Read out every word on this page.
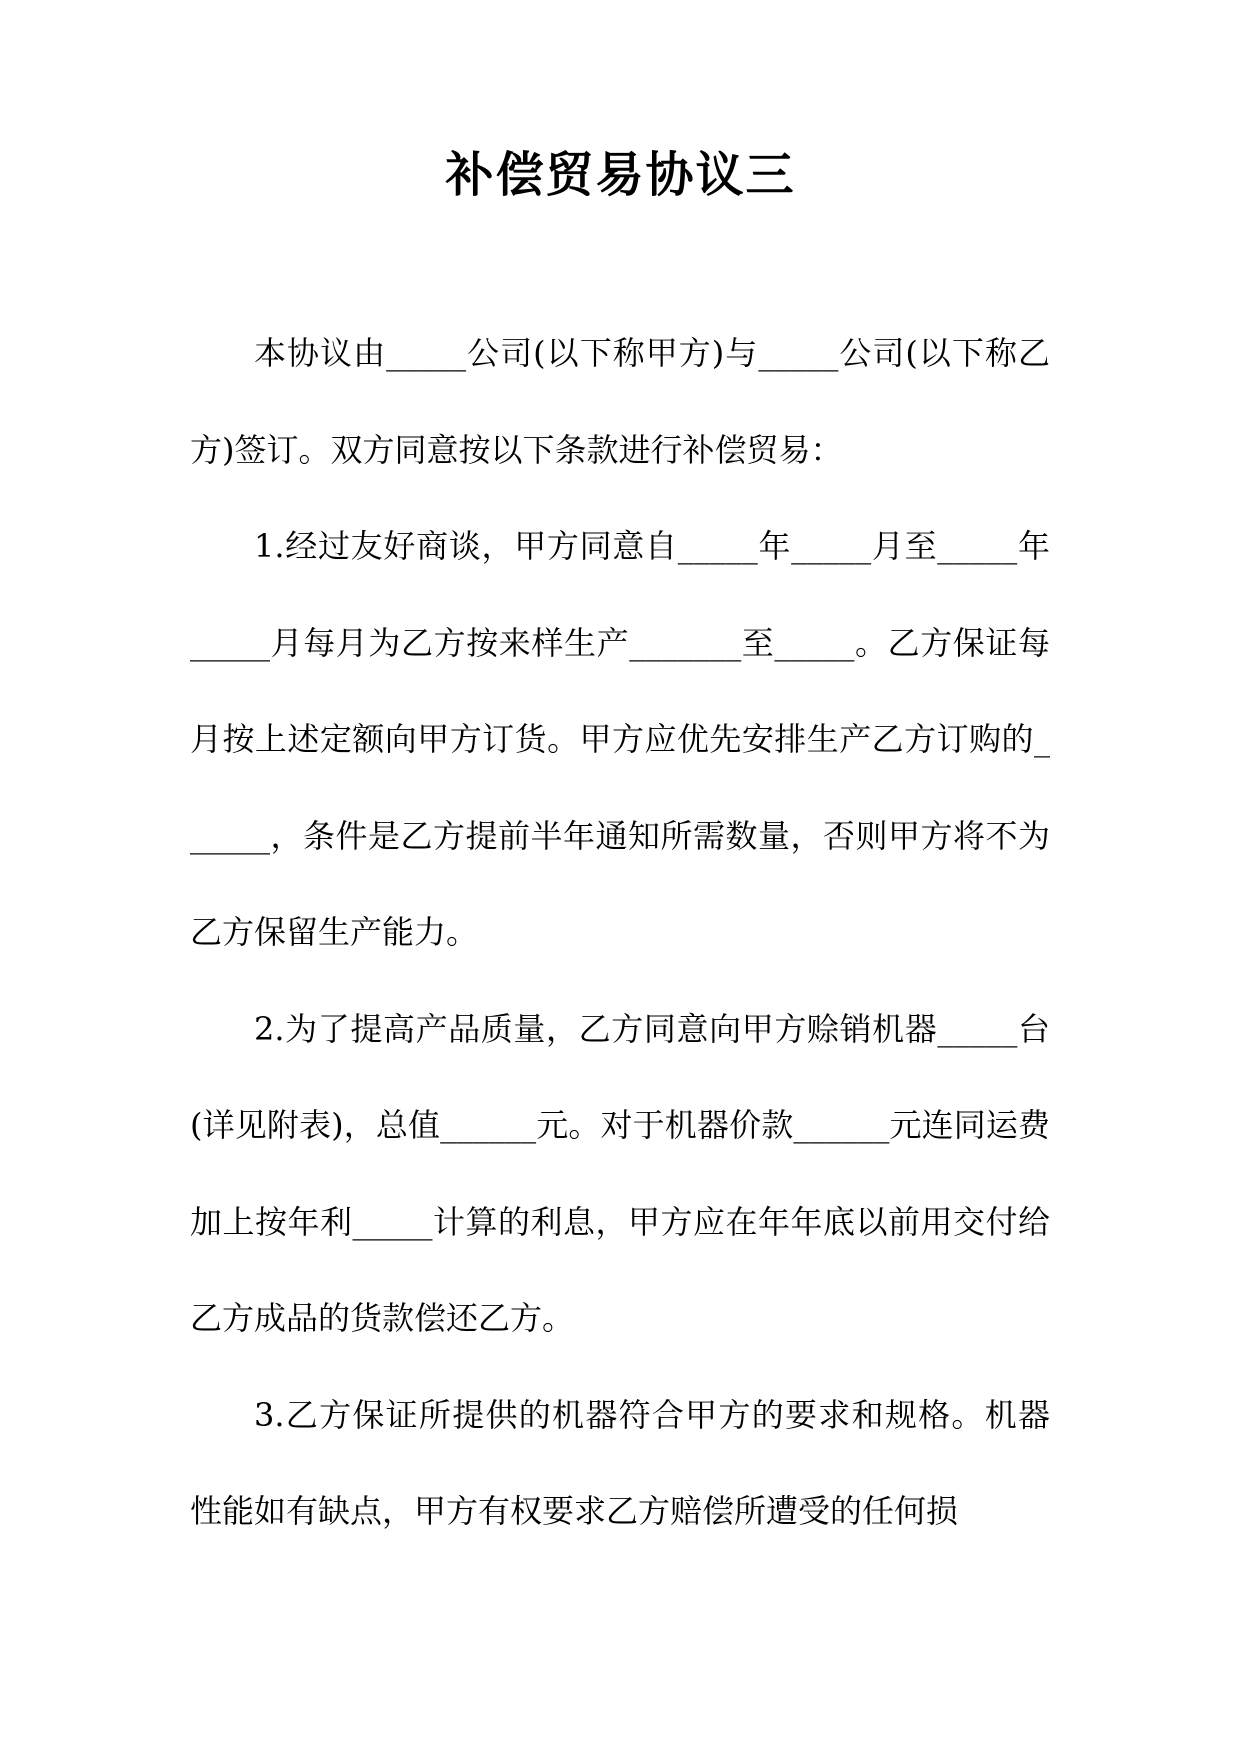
补偿贸易协议三

本协议由_____公司(以下称甲方)与_____公司(以下称乙方)签订。双方同意按以下条款进行补偿贸易：

1.经过友好商谈，甲方同意自_____年_____月至_____年_____月每月为乙方按来样生产_______至_____。乙方保证每月按上述定额向甲方订货。甲方应优先安排生产乙方订购的______，条件是乙方提前半年通知所需数量，否则甲方将不为乙方保留生产能力。

2.为了提高产品质量，乙方同意向甲方赊销机器_____台(详见附表)，总值______元。对于机器价款______元连同运费加上按年利_____计算的利息，甲方应在年年底以前用交付给乙方成品的货款偿还乙方。

3.乙方保证所提供的机器符合甲方的要求和规格。机器性能如有缺点，甲方有权要求乙方赔偿所遭受的任何损
